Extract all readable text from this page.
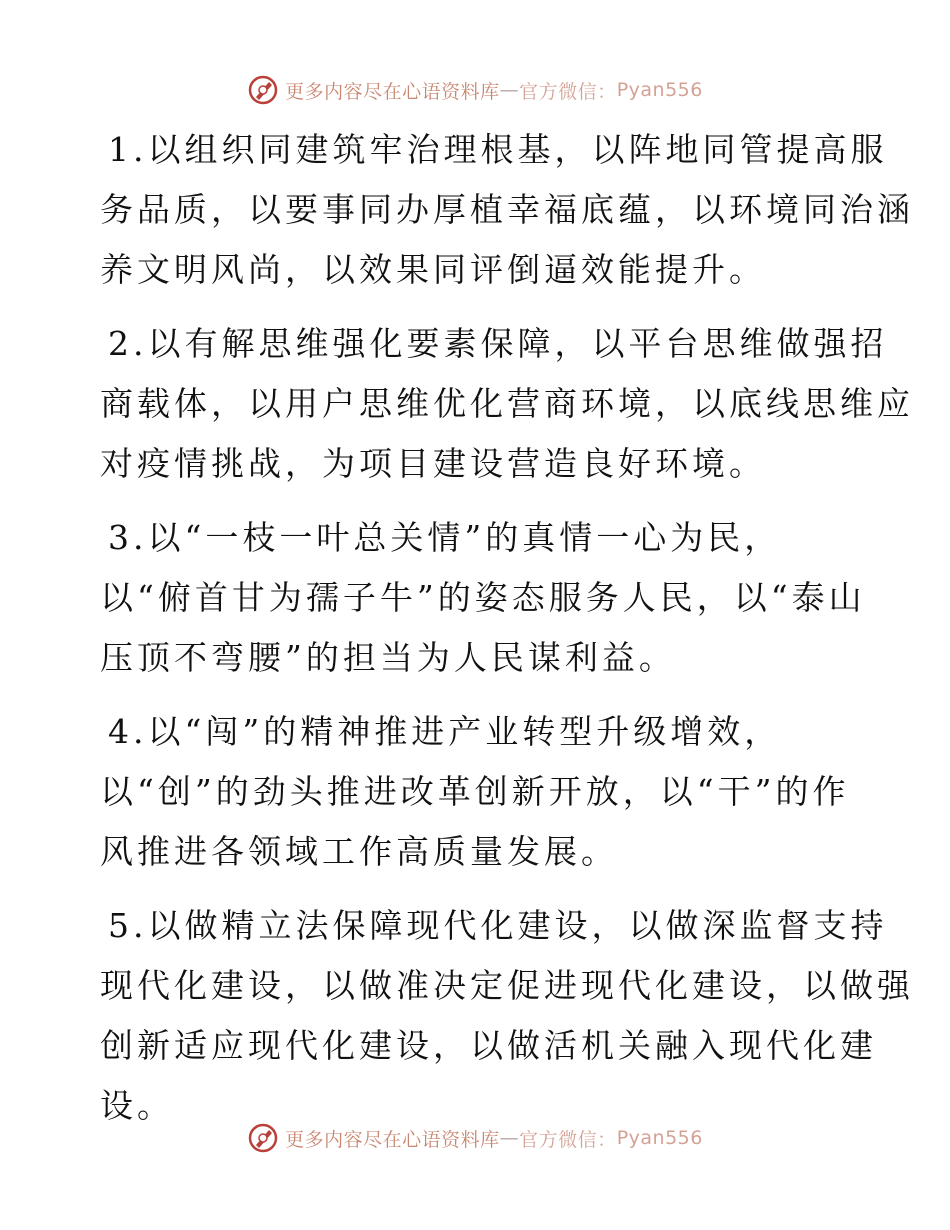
更多内容尽在心语资料库 — 官方微信： Pyan556
1.以组织同建筑牢治理根基，以阵地同管提高服
务品质，以要事同办厚植幸福底蕴，以环境同治涵
养文明风尚，以效果同评倒逼效能提升。
2.以有解思维强化要素保障，以平台思维做强招
商载体，以用户思维优化营商环境，以底线思维应
对疫情挑战，为项目建设营造良好环境。
3.以“一枝一叶总关情”的真情一心为民，
以“俯首甘为孺子牛”的姿态服务人民，以“泰山
压顶不弯腰”的担当为人民谋利益。
4.以“闯”的精神推进产业转型升级增效，
以“创”的劲头推进改革创新开放，以“干”的作
风推进各领域工作高质量发展。
5.以做精立法保障现代化建设，以做深监督支持
现代化建设，以做准决定促进现代化建设，以做强
创新适应现代化建设，以做活机关融入现代化建
设。
更多内容尽在心语资料库 — 官方微信： Pyan556
